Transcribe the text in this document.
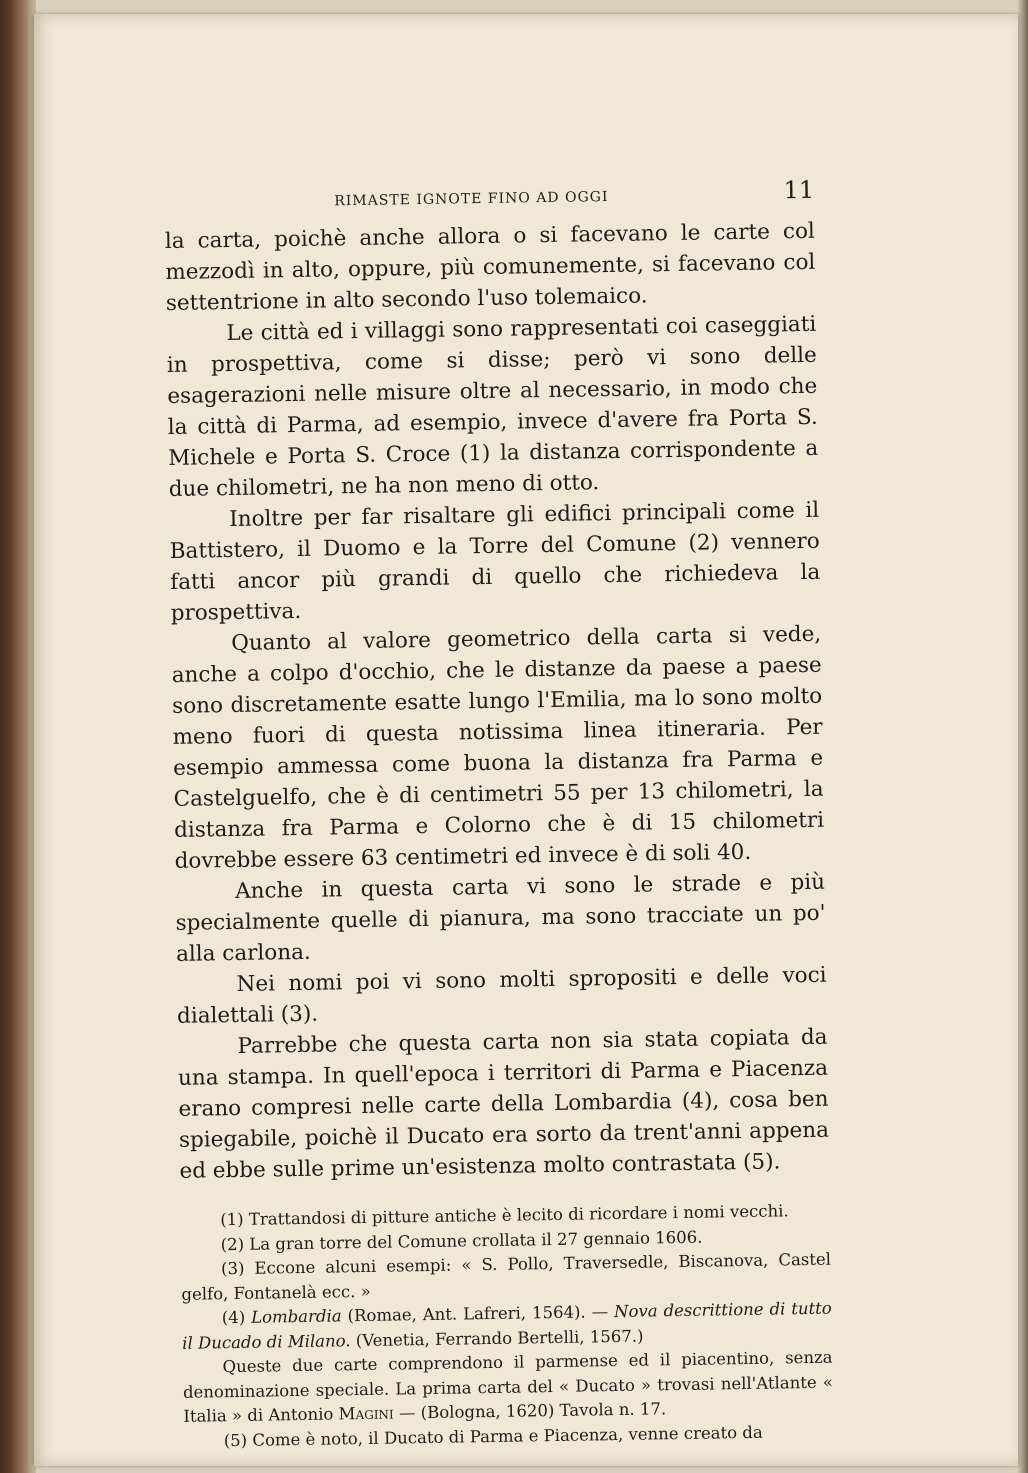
RIMASTE IGNOTE FINO AD OGGI	11

la carta, poichè anche allora o si facevano le carte col mezzodì in alto, oppure, più comunemente, si facevano col settentrione in alto secondo l'uso tolemaico.

Le città ed i villaggi sono rappresentati coi caseggiati in prospettiva, come si disse; però vi sono delle esagerazioni nelle misure oltre al necessario, in modo che la città di Parma, ad esempio, invece d'avere fra Porta S. Michele e Porta S. Croce (1) la distanza corrispondente a due chilometri, ne ha non meno di otto.

Inoltre per far risaltare gli edifici principali come il Battistero, il Duomo e la Torre del Comune (2) vennero fatti ancor più grandi di quello che richiedeva la prospettiva.

Quanto al valore geometrico della carta si vede, anche a colpo d'occhio, che le distanze da paese a paese sono discretamente esatte lungo l'Emilia, ma lo sono molto meno fuori di questa notissima linea itineraria. Per esempio ammessa come buona la distanza fra Parma e Castelguelfo, che è di centimetri 55 per 13 chilometri, la distanza fra Parma e Colorno che è di 15 chilometri dovrebbe essere 63 centimetri ed invece è di soli 40.

Anche in questa carta vi sono le strade e più specialmente quelle di pianura, ma sono tracciate un po' alla carlona.

Nei nomi poi vi sono molti spropositi e delle voci dialettali (3).

Parrebbe che questa carta non sia stata copiata da una stampa. In quell'epoca i territori di Parma e Piacenza erano compresi nelle carte della Lombardia (4), cosa ben spiegabile, poichè il Ducato era sorto da trent'anni appena ed ebbe sulle prime un'esistenza molto contrastata (5).

(1) Trattandosi di pitture antiche è lecito di ricordare i nomi vecchi.

(2) La gran torre del Comune crollata il 27 gennaio 1606.

(3) Eccone alcuni esempi: « S. Pollo, Traversedle, Biscanova, Castel gelfo, Fontanelà ecc. »

(4) Lombardia (Romae, Ant. Lafreri, 1564). — Nova descrittione di tutto il Ducado di Milano. (Venetia, Ferrando Bertelli, 1567.)

Queste due carte comprendono il parmense ed il piacentino, senza denominazione speciale. La prima carta del « Ducato » trovasi nell'Atlante « Italia » di Antonio Magini — (Bologna, 1620) Tavola n. 17.

(5) Come è noto, il Ducato di Parma e Piacenza, venne creato da
